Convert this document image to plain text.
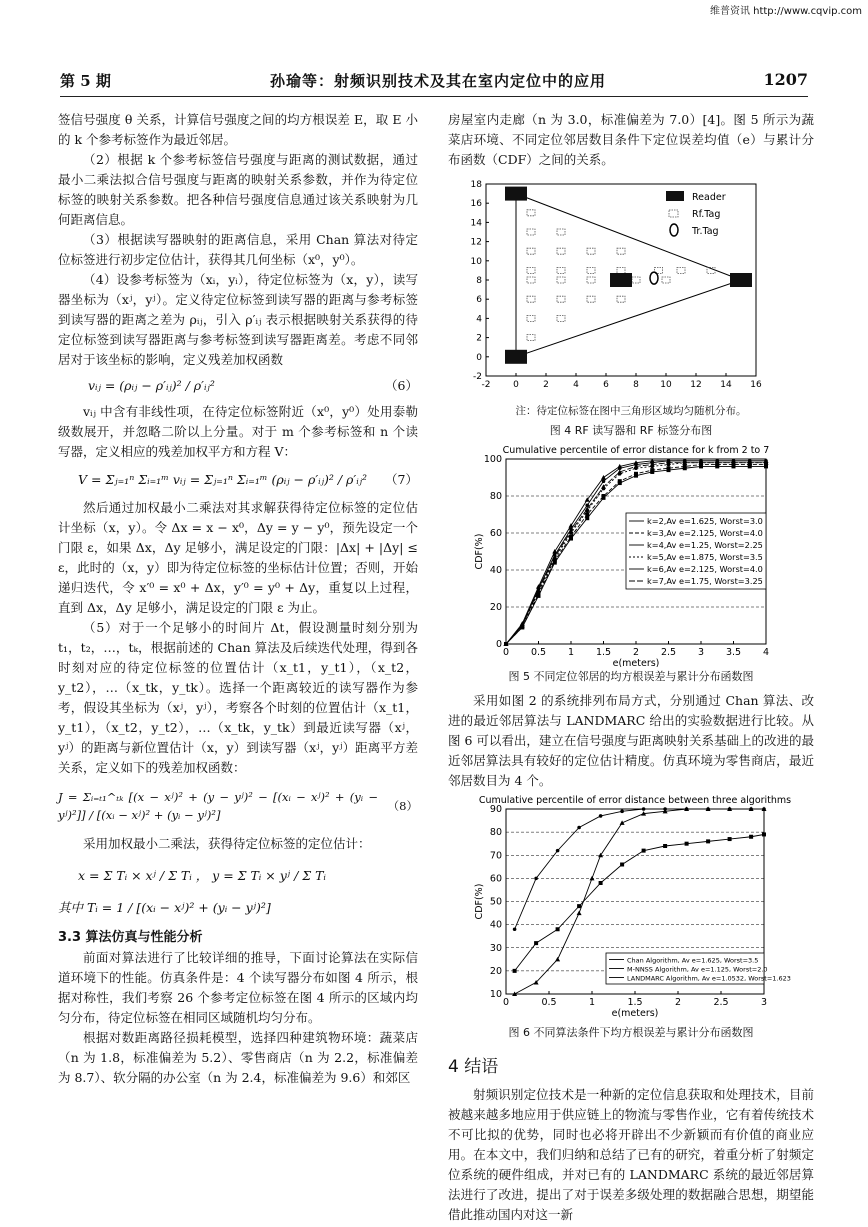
维普资讯 http://www.cqvip.com
第 5 期	孙瑜等：射频识别技术及其在室内定位中的应用	1207

签信号强度 θ 关系，计算信号强度之间的均方根误差 E，取 E 小的 k 个参考标签作为最近邻居。

（2）根据 k 个参考标签信号强度与距离的测试数据，通过最小二乘法拟合信号强度与距离的映射关系参数，并作为待定位标签的映射关系参数。把各种信号强度信息通过该关系映射为几何距离信息。

（3）根据读写器映射的距离信息，采用 Chan 算法对待定位标签进行初步定位估计，获得其几何坐标（x⁰，y⁰）。

（4）设参考标签为（xᵢ，yᵢ），待定位标签为（x，y），读写器坐标为（xʲ，yʲ）。定义待定位标签到读写器的距离与参考标签到读写器的距离之差为 ρᵢⱼ，引入 ρ′ᵢⱼ 表示根据映射关系获得的待定位标签到读写器距离与参考标签到读写器距离差。考虑不同邻居对于该坐标的影响，定义残差加权函数

vᵢⱼ = (ρᵢⱼ − ρ′ᵢⱼ)² / ρ′ᵢⱼ²	（6）

vᵢⱼ 中含有非线性项，在待定位标签附近（x⁰，y⁰）处用泰勒级数展开，并忽略二阶以上分量。对于 m 个参考标签和 n 个读写器，定义相应的残差加权平方和方程 V：

V = Σⱼ₌₁ⁿ Σᵢ₌₁ᵐ vᵢⱼ = Σⱼ₌₁ⁿ Σᵢ₌₁ᵐ (ρᵢⱼ − ρ′ᵢⱼ)² / ρ′ᵢⱼ² （7）

然后通过加权最小二乘法对其求解获得待定位标签的定位估计坐标（x，y）。令 Δx = x − x⁰，Δy = y − y⁰，预先设定一个门限 ε，如果 Δx，Δy 足够小，满足设定的门限：|Δx| + |Δy| ≤ ε，此时的（x，y）即为待定位标签的坐标估计位置；否则，开始递归迭代，令 x′⁰ = x⁰ + Δx，y′⁰ = y⁰ + Δy，重复以上过程，直到 Δx，Δy 足够小，满足设定的门限 ε 为止。

（5）对于一个足够小的时间片 Δt，假设测量时刻分别为 t₁，t₂，…，tₖ，根据前述的 Chan 算法及后续迭代处理，得到各时刻对应的待定位标签的位置估计（x_t1，y_t1），（x_t2，y_t2），…（x_tk，y_tk）。选择一个距离较近的读写器作为参考，假设其坐标为（xʲ，yʲ），考察各个时刻的位置估计（x_t1，y_t1），（x_t2，y_t2），…（x_tk，y_tk）到最近读写器（xʲ，yʲ）的距离与新位置估计（x，y）到读写器（xʲ，yʲ）距离平方差关系，定义如下的残差加权函数：

J = Σᵢ₌ₜ₁^ₜₖ [(x − xʲ)² + (y − yʲ)² − [(xᵢ − xʲ)² + (yᵢ − yʲ)²]] / [(xᵢ − xʲ)² + (yᵢ − yʲ)²]
（8）

采用加权最小二乘法，获得待定位标签的定位估计：

x = Σ Tᵢ × xʲ / Σ Tᵢ ， y = Σ Tᵢ × yʲ / Σ Tᵢ
其中 Tᵢ = 1 / [(xᵢ − xʲ)² + (yᵢ − yʲ)²]
3.3 算法仿真与性能分析

前面对算法进行了比较详细的推导，下面讨论算法在实际信道环境下的性能。仿真条件是：4 个读写器分布如图 4 所示，根据对称性，我们考察 26 个参考定位标签在图 4 所示的区域内均匀分布，待定位标签在相同区域随机均匀分布。

根据对数距离路径损耗模型，选择四种建筑物环境：蔬菜店（n 为 1.8，标准偏差为 5.2）、零售商店（n 为 2.2，标准偏差为 8.7）、软分隔的办公室（n 为 2.4，标准偏差为 9.6）和郊区

房屋室内走廊（n 为 3.0，标准偏差为 7.0）[4]。图 5 所示为蔬菜店环境、不同定位邻居数目条件下定位误差均值（e）与累计分布函数（CDF）之间的关系。

-2	0	2	4	6	8 10 12 14 16
-2
0
2
4
6
8
10
12
14
16
18
Reader
Rf.Tag
Tr.Tag
注：待定位标签在图中三角形区域均匀随机分布。
图 4 RF 读写器和 RF 标签分布图
Cumulative percentile of error distance for k from 2 to 7
0
20
40
60
80
100
0 0.5 1 1.5 2 2.5 3 3.5 4
e(meters)
CDF(%)
k=2,Av e=1.625, Worst=3.0
k=3,Av e=2.125, Worst=4.0
k=4,Av e=1.25, Worst=2.25
k=5,Av e=1.875, Worst=3.5
k=6,Av e=2.125, Worst=4.0
k=7,Av e=1.75, Worst=3.25
图 5 不同定位邻居的均方根误差与累计分布函数图

采用如图 2 的系统排列布局方式，分别通过 Chan 算法、改进的最近邻居算法与 LANDMARC 给出的实验数据进行比较。从图 6 可以看出，建立在信号强度与距离映射关系基础上的改进的最近邻居算法具有较好的定位估计精度。仿真环境为零售商店，最近邻居数目为 4 个。

Cumulative percentile of error distance between three algorithms
10
20
30
40
50
60
70
80
90
0	0.5	1	1.5	2	2.5	3
e(meters)
CDF(%)
Chan Algorithm, Av e=1.625, Worst=3.5
M-NNSS Algorithm, Av e=1.125, Worst=2.0
LANDMARC Algorithm, Av e=1.0532, Worst=1.623
图 6 不同算法条件下均方根误差与累计分布函数图
4 结语

射频识别定位技术是一种新的定位信息获取和处理技术，目前被越来越多地应用于供应链上的物流与零售作业，它有着传统技术不可比拟的优势，同时也必将开辟出不少新颖而有价值的商业应用。在本文中，我们归纳和总结了已有的研究，着重分析了射频定位系统的硬件组成，并对已有的 LANDMARC 系统的最近邻居算法进行了改进，提出了对于误差多级处理的数据融合思想，期望能借此推动国内对这一新
